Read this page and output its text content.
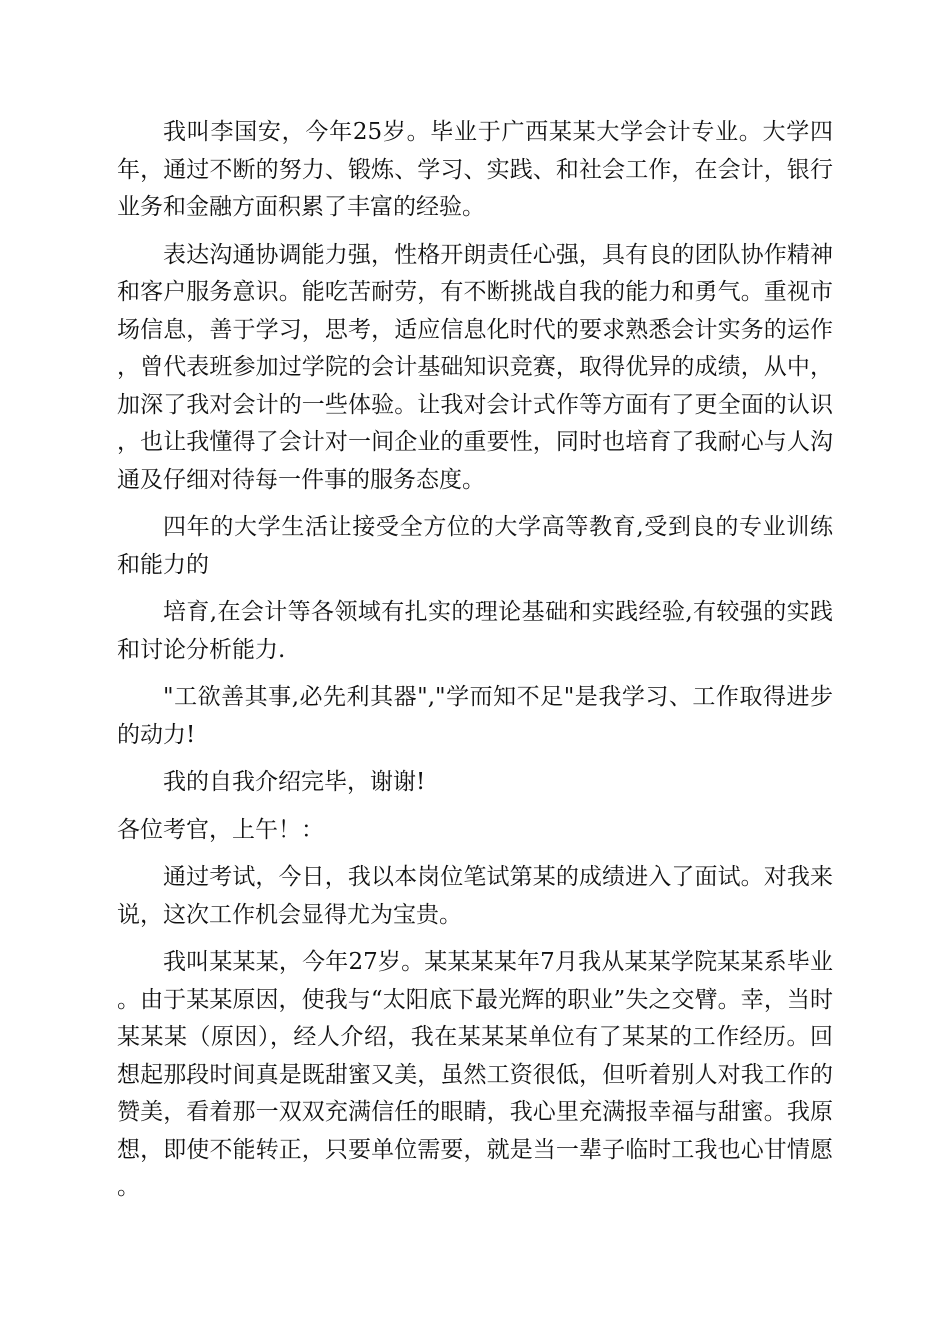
我叫李国安，今年25岁。毕业于广西某某大学会计专业。大学四年，通过不断的努力、锻炼、学习、实践、和社会工作，在会计，银行业务和金融方面积累了丰富的经验。

表达沟通协调能力强，性格开朗责任心强，具有良的团队协作精神和客户服务意识。能吃苦耐劳，有不断挑战自我的能力和勇气。重视市场信息，善于学习，思考，适应信息化时代的要求熟悉会计实务的运作，曾代表班参加过学院的会计基础知识竞赛，取得优异的成绩，从中，加深了我对会计的一些体验。让我对会计式作等方面有了更全面的认识，也让我懂得了会计对一间企业的重要性，同时也培育了我耐心与人沟通及仔细对待每一件事的服务态度。

四年的大学生活让接受全方位的大学高等教育,受到良的专业训练和能力的

培育,在会计等各领域有扎实的理论基础和实践经验,有较强的实践和讨论分析能力.

"工欲善其事,必先利其器","学而知不足"是我学习、工作取得进步的动力!

我的自我介绍完毕，谢谢!

各位考官，上午！：

通过考试，今日，我以本岗位笔试第某的成绩进入了面试。对我来说，这次工作机会显得尤为宝贵。

我叫某某某，今年27岁。某某某某年7月我从某某学院某某系毕业。由于某某原因，使我与“太阳底下最光辉的职业”失之交臂。幸，当时某某某（原因），经人介绍，我在某某某单位有了某某的工作经历。回想起那段时间真是既甜蜜又美，虽然工资很低，但听着别人对我工作的赞美，看着那一双双充满信任的眼睛，我心里充满报幸福与甜蜜。我原想，即使不能转正，只要单位需要，就是当一辈子临时工我也心甘情愿。
